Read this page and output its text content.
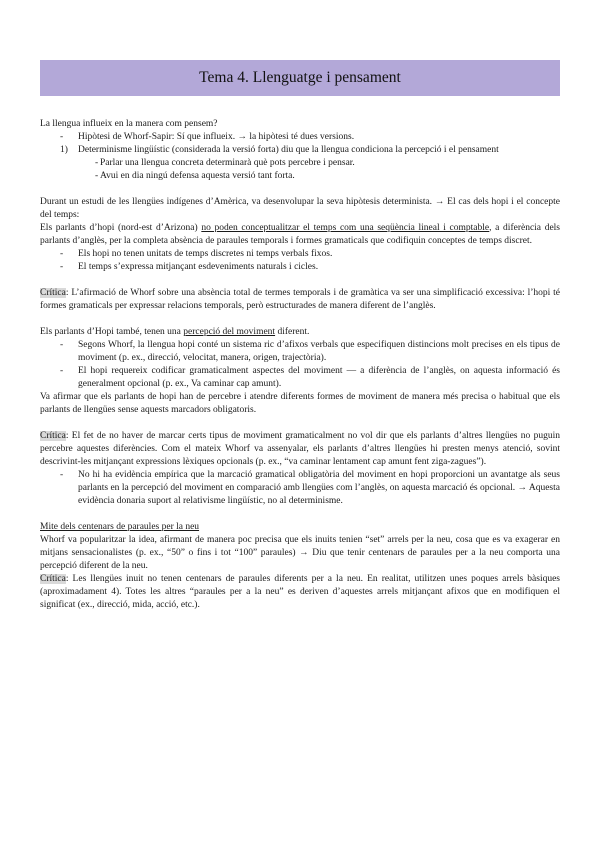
Tema 4. Llenguatge i pensament

La llengua influeix en la manera com pensem?

-	Hipòtesi de Whorf-Sapir: Sí que influeix. → la hipòtesi té dues versions.
1)	Determinisme lingüístic (considerada la versió forta) diu que la llengua condiciona la percepció i el pensament
- Parlar una llengua concreta determinarà què pots percebre i pensar.
- Avui en dia ningú defensa aquesta versió tant forta.

Durant un estudi de les llengües indígenes d’Amèrica, va desenvolupar la seva hipòtesis determinista. → El cas dels hopi i el concepte del temps:

Els parlants d’hopi (nord-est d’Arizona) no poden conceptualitzar el temps com una seqüència lineal i comptable, a diferència dels parlants d’anglès, per la completa absència de paraules temporals i formes gramaticals que codifiquin conceptes de temps discret.

-	Els hopi no tenen unitats de temps discretes ni temps verbals fixos.
-	El temps s’expressa mitjançant esdeveniments naturals i cicles.

Crítica: L’afirmació de Whorf sobre una absència total de termes temporals i de gramàtica va ser una simplificació excessiva: l’hopi té formes gramaticals per expressar relacions temporals, però estructurades de manera diferent de l’anglès.

Els parlants d’Hopi també, tenen una percepció del moviment diferent.

-	Segons Whorf, la llengua hopi conté un sistema ric d’afixos verbals que especifiquen distincions molt precises en els tipus de moviment (p. ex., direcció, velocitat, manera, origen, trajectòria).
-	El hopi requereix codificar gramaticalment aspectes del moviment — a diferència de l’anglès, on aquesta informació és generalment opcional (p. ex., Va caminar cap amunt).

Va afirmar que els parlants de hopi han de percebre i atendre diferents formes de moviment de manera més precisa o habitual que els parlants de llengües sense aquests marcadors obligatoris.

Crítica: El fet de no haver de marcar certs tipus de moviment gramaticalment no vol dir que els parlants d’altres llengües no puguin percebre aquestes diferències. Com el mateix Whorf va assenyalar, els parlants d’altres llengües hi presten menys atenció, sovint descrivint-les mitjançant expressions lèxiques opcionals (p. ex., “va caminar lentament cap amunt fent ziga-zagues”).

-	No hi ha evidència empírica que la marcació gramatical obligatòria del moviment en hopi proporcioni un avantatge als seus parlants en la percepció del moviment en comparació amb llengües com l’anglès, on aquesta marcació és opcional. → Aquesta evidència donaria suport al relativisme lingüístic, no al determinisme.

Mite dels centenars de paraules per la neu

Whorf va popularitzar la idea, afirmant de manera poc precisa que els inuits tenien “set” arrels per la neu, cosa que es va exagerar en mitjans sensacionalistes (p. ex., “50” o fins i tot “100” paraules) → Diu que tenir centenars de paraules per a la neu comporta una percepció diferent de la neu.

Crítica: Les llengües inuit no tenen centenars de paraules diferents per a la neu. En realitat, utilitzen unes poques arrels bàsiques (aproximadament 4). Totes les altres “paraules per a la neu” es deriven d’aquestes arrels mitjançant afixos que en modifiquen el significat (ex., direcció, mida, acció, etc.).
